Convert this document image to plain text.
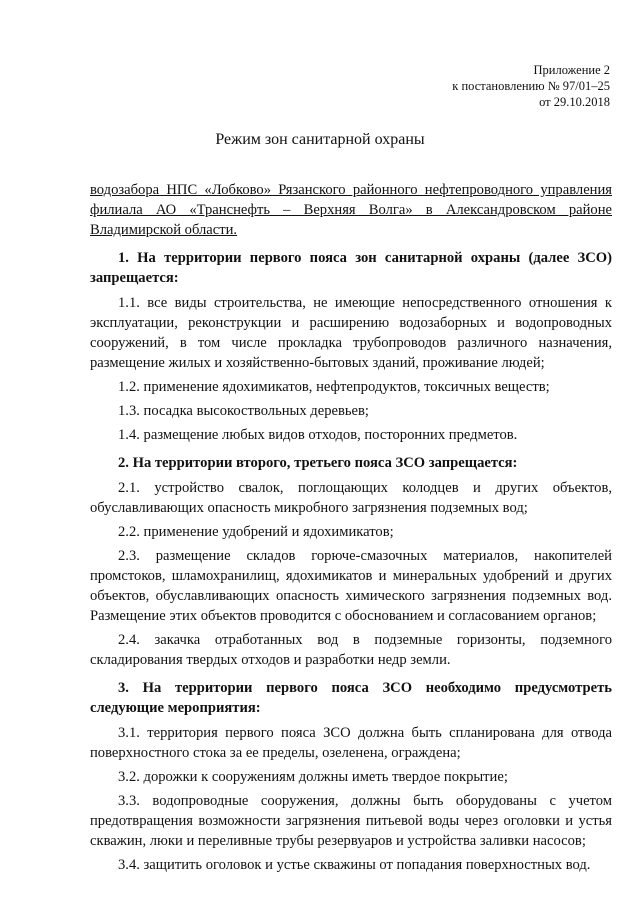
Приложение 2
к постановлению № 97/01–25
от 29.10.2018
Режим зон санитарной охраны

водозабора НПС «Лобково» Рязанского районного нефтепроводного управления филиала АО «Транснефть – Верхняя Волга» в Александровском районе Владимирской области.

1. На территории первого пояса зон санитарной охраны (далее ЗСО) запрещается:

1.1. все виды строительства, не имеющие непосредственного отношения к эксплуатации, реконструкции и расширению водозаборных и водопроводных сооружений, в том числе прокладка трубопроводов различного назначения, размещение жилых и хозяйственно-бытовых зданий, проживание людей;

1.2. применение ядохимикатов, нефтепродуктов, токсичных веществ;

1.3. посадка высокоствольных деревьев;

1.4. размещение любых видов отходов, посторонних предметов.

2. На территории второго, третьего пояса ЗСО запрещается:

2.1. устройство свалок, поглощающих колодцев и других объектов, обуславливающих опасность микробного загрязнения подземных вод;

2.2. применение удобрений и ядохимикатов;

2.3. размещение складов горюче-смазочных материалов, накопителей промстоков, шламохранилищ, ядохимикатов и минеральных удобрений и других объектов, обуславливающих опасность химического загрязнения подземных вод. Размещение этих объектов проводится с обоснованием и согласованием органов;

2.4. закачка отработанных вод в подземные горизонты, подземного складирования твердых отходов и разработки недр земли.

3. На территории первого пояса ЗСО необходимо предусмотреть следующие мероприятия:

3.1. территория первого пояса ЗСО должна быть спланирована для отвода поверхностного стока за ее пределы, озеленена, ограждена;

3.2. дорожки к сооружениям должны иметь твердое покрытие;

3.3. водопроводные сооружения, должны быть оборудованы с учетом предотвращения возможности загрязнения питьевой воды через оголовки и устья скважин, люки и переливные трубы резервуаров и устройства заливки насосов;

3.4. защитить оголовок и устье скважины от попадания поверхностных вод.
